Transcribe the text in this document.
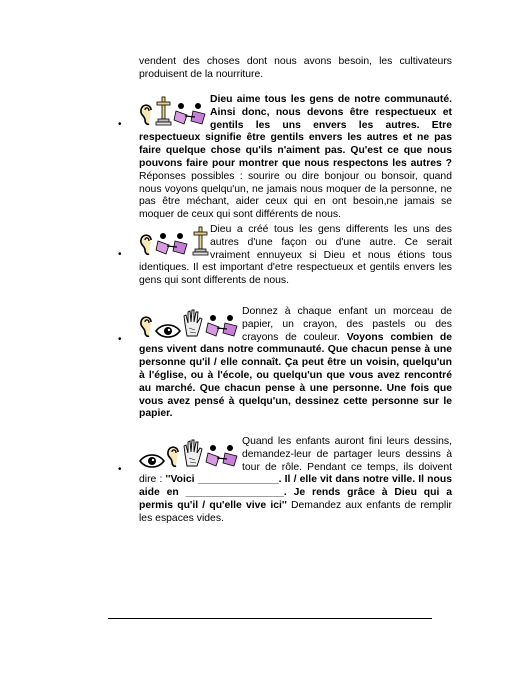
vendent des choses dont nous avons besoin, les cultivateurs produisent de la nourriture.
•
Dieu aime tous les gens de notre communauté. Ainsi donc, nous devons être respectueux et gentils les uns envers les autres. Etre respectueux signifie être gentils envers les autres et ne pas faire quelque chose qu'ils n'aiment pas. Qu'est ce que nous pouvons faire pour montrer que nous respectons les autres ? Réponses possibles : sourire ou dire bonjour ou bonsoir, quand nous voyons quelqu'un, ne jamais nous moquer de la personne, ne pas être méchant, aider ceux qui en ont besoin,ne jamais se moquer de ceux qui sont différents de nous.
•
Dieu a créé tous les gens differents les uns des autres d'une façon ou d'une autre. Ce serait vraiment ennuyeux si Dieu et nous étions tous identiques. Il est important d'etre respectueux et gentils envers les gens qui sont differents de nous.
•
Donnez à chaque enfant un morceau de papier, un crayon, des pastels ou des crayons de couleur. Voyons combien de gens vivent dans notre communauté. Que chacun pense à une personne qu'il / elle connaît. Ça peut être un voisin, quelqu'un à l'église, ou à l'école, ou quelqu'un que vous avez rencontré au marché. Que chacun pense à une personne. Une fois que vous avez pensé à quelqu'un, dessinez cette personne sur le papier.
•
Quand les enfants auront fini leurs dessins, demandez-leur de partager leurs dessins à tour de rôle. Pendant ce temps, ils doivent dire : ''Voici ______________. Il / elle vit dans notre ville. Il nous aide en _________________. Je rends grâce à Dieu qui a permis qu'il / qu'elle vive ici'' Demandez aux enfants de remplir les espaces vides.
